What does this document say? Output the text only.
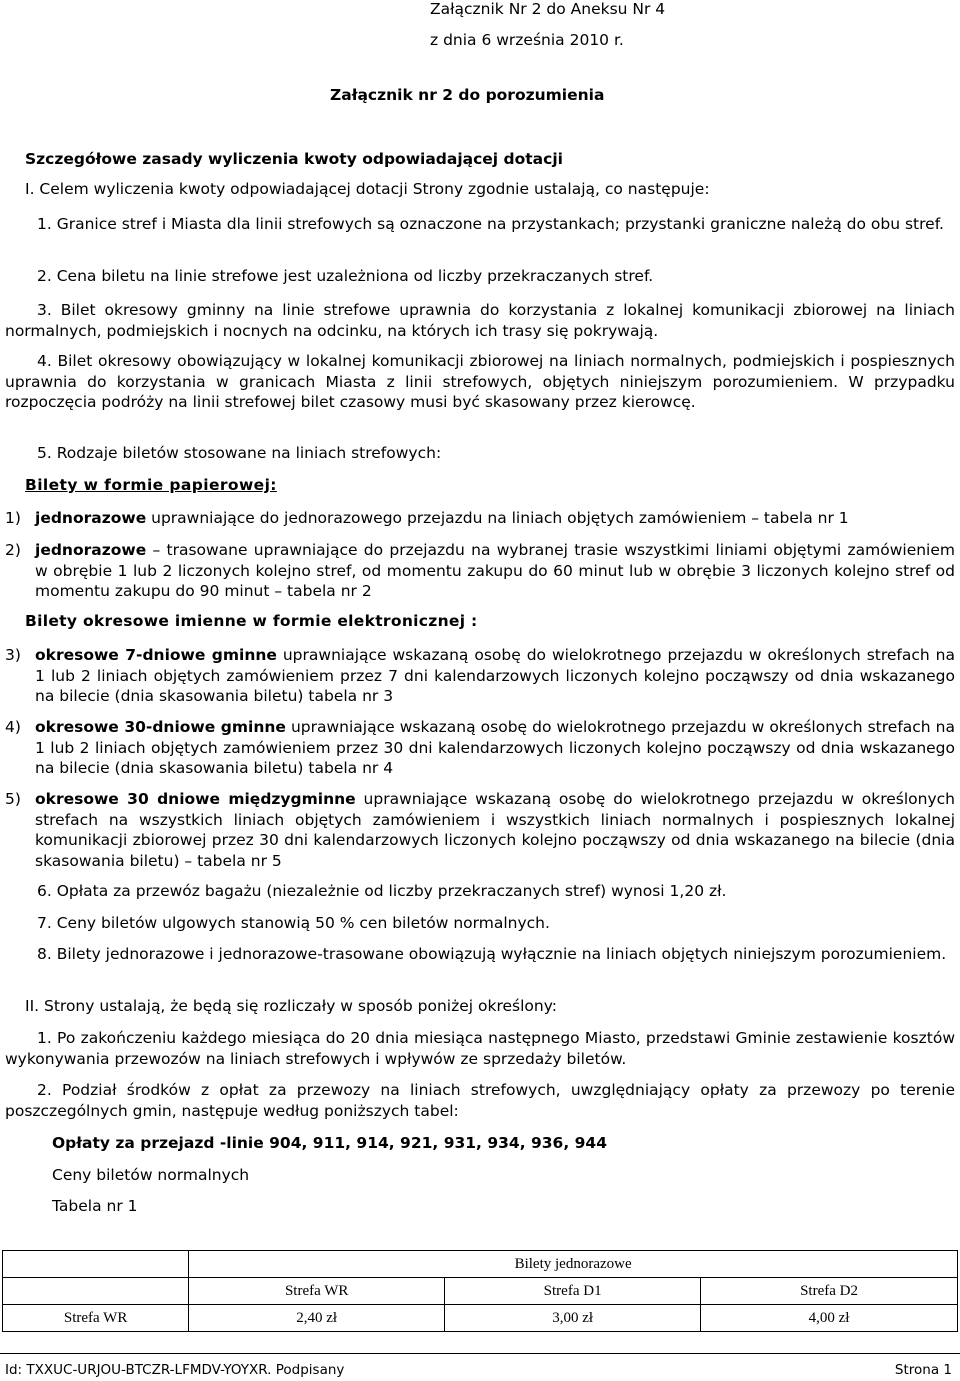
Załącznik Nr 2 do Aneksu Nr 4
z dnia 6 września 2010 r.
Załącznik nr 2 do porozumienia
Szczegółowe zasady wyliczenia kwoty odpowiadającej dotacji
I. Celem wyliczenia kwoty odpowiadającej dotacji Strony zgodnie ustalają, co następuje:
1. Granice stref i Miasta dla linii strefowych są oznaczone na przystankach; przystanki graniczne należą do obu stref.
2. Cena biletu na linie strefowe jest uzależniona od liczby przekraczanych stref.
3. Bilet okresowy gminny na linie strefowe uprawnia do korzystania z lokalnej komunikacji zbiorowej na liniach normalnych, podmiejskich i nocnych na odcinku, na których ich trasy się pokrywają.
4. Bilet okresowy obowiązujący w lokalnej komunikacji zbiorowej na liniach normalnych, podmiejskich i pospiesznych uprawnia do korzystania w granicach Miasta z linii strefowych, objętych niniejszym porozumieniem. W przypadku rozpoczęcia podróży na linii strefowej bilet czasowy musi być skasowany przez kierowcę.
5. Rodzaje biletów stosowane na liniach strefowych:
Bilety w formie papierowej:
1) jednorazowe uprawniające do jednorazowego przejazdu na liniach objętych zamówieniem – tabela nr 1
2) jednorazowe – trasowane uprawniające do przejazdu na wybranej trasie wszystkimi liniami objętymi zamówieniem w obrębie 1 lub 2 liczonych kolejno stref, od momentu zakupu do 60 minut lub w obrębie 3 liczonych kolejno stref od momentu zakupu do 90 minut – tabela nr 2
Bilety okresowe imienne w formie elektronicznej :
3) okresowe 7-dniowe gminne uprawniające wskazaną osobę do wielokrotnego przejazdu w określonych strefach na 1 lub 2 liniach objętych zamówieniem przez 7 dni kalendarzowych liczonych kolejno począwszy od dnia wskazanego na bilecie (dnia skasowania biletu) tabela nr 3
4) okresowe 30-dniowe gminne uprawniające wskazaną osobę do wielokrotnego przejazdu w określonych strefach na 1 lub 2 liniach objętych zamówieniem przez 30 dni kalendarzowych liczonych kolejno począwszy od dnia wskazanego na bilecie (dnia skasowania biletu) tabela nr 4
5) okresowe 30 dniowe międzygminne uprawniające wskazaną osobę do wielokrotnego przejazdu w określonych strefach na wszystkich liniach objętych zamówieniem i wszystkich liniach normalnych i pospiesznych lokalnej komunikacji zbiorowej przez 30 dni kalendarzowych liczonych kolejno począwszy od dnia wskazanego na bilecie (dnia skasowania biletu) – tabela nr 5
6. Opłata za przewóz bagażu (niezależnie od liczby przekraczanych stref) wynosi 1,20 zł.
7. Ceny biletów ulgowych stanowią 50 % cen biletów normalnych.
8. Bilety jednorazowe i jednorazowe-trasowane obowiązują wyłącznie na liniach objętych niniejszym porozumieniem.
II. Strony ustalają, że będą się rozliczały w sposób poniżej określony:
1. Po zakończeniu każdego miesiąca do 20 dnia miesiąca następnego Miasto, przedstawi Gminie zestawienie kosztów wykonywania przewozów na liniach strefowych i wpływów ze sprzedaży biletów.
2. Podział środków z opłat za przewozy na liniach strefowych, uwzględniający opłaty za przewozy po terenie poszczególnych gmin, następuje według poniższych tabel:
Opłaty za przejazd -linie 904, 911, 914, 921, 931, 934, 936, 944
Ceny biletów normalnych
Tabela nr 1
	Bilety jednorazowe		
	Strefa WR	Strefa D1	Strefa D2
Strefa WR	2,40 zł	3,00 zł	4,00 zł
Id: TXXUC-URJOU-BTCZR-LFMDV-YOYXR. Podpisany	Strona 1
